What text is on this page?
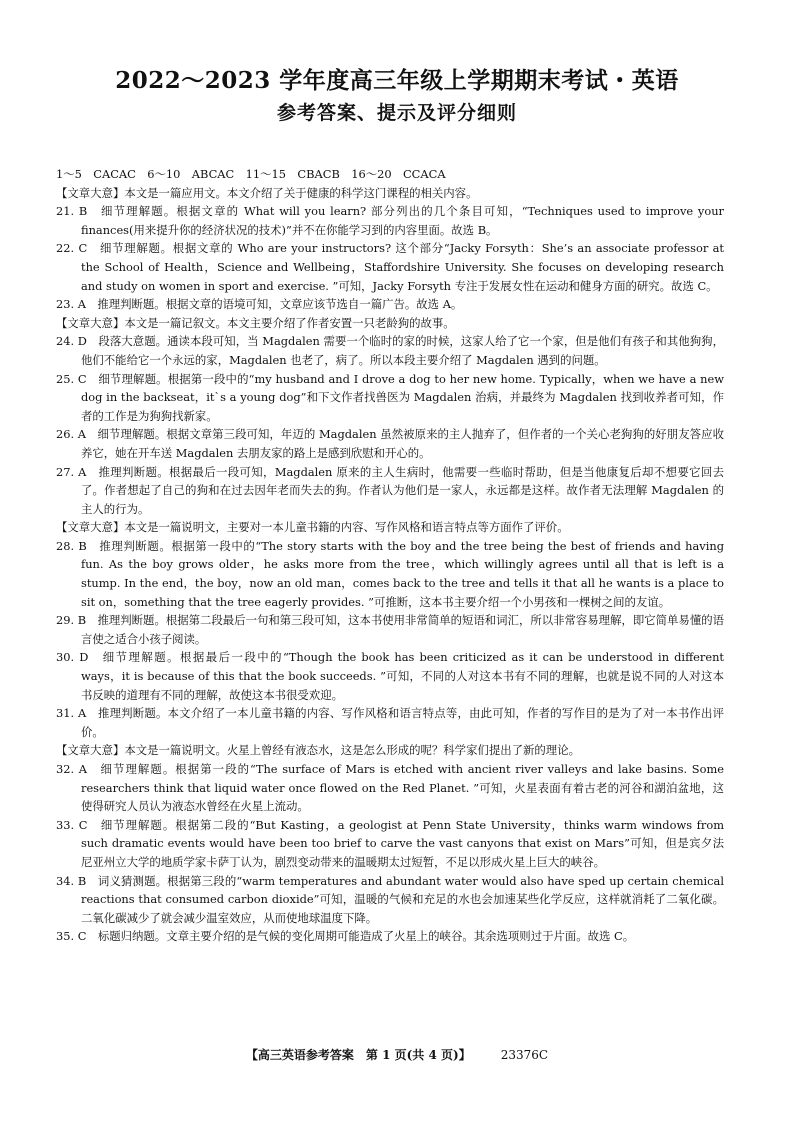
2022～2023 学年度高三年级上学期期末考试・英语
参考答案、提示及评分细则

1～5　CACAC　6～10　ABCAC　11～15　CBACB　16～20　CCACA

【文章大意】本文是一篇应用文。本文介绍了关于健康的科学这门课程的相关内容。

21. B　细节理解题。根据文章的 What will you learn? 部分列出的几个条目可知，“Techniques used to improve your finances(用来提升你的经济状况的技术)”并不在你能学习到的内容里面。故选 B。

22. C　细节理解题。根据文章的 Who are your instructors? 这个部分“Jacky Forsyth：She’s an associate professor at the School of Health，Science and Wellbeing，Staffordshire University. She focuses on developing research and study on women in sport and exercise. ”可知，Jacky Forsyth 专注于发展女性在运动和健身方面的研究。故选 C。

23. A　推理判断题。根据文章的语境可知，文章应该节选自一篇广告。故选 A。

【文章大意】本文是一篇记叙文。本文主要介绍了作者安置一只老龄狗的故事。

24. D　段落大意题。通读本段可知，当 Magdalen 需要一个临时的家的时候，这家人给了它一个家，但是他们有孩子和其他狗狗，他们不能给它一个永远的家，Magdalen 也老了，病了。所以本段主要介绍了 Magdalen 遇到的问题。

25. C　细节理解题。根据第一段中的“my husband and I drove a dog to her new home. Typically，when we have a new dog in the backseat，it`s a young dog”和下文作者找兽医为 Magdalen 治病，并最终为 Magdalen 找到收养者可知，作者的工作是为狗狗找新家。

26. A　细节理解题。根据文章第三段可知，年迈的 Magdalen 虽然被原来的主人抛弃了，但作者的一个关心老狗狗的好朋友答应收养它，她在开车送 Magdalen 去朋友家的路上是感到欣慰和开心的。

27. A　推理判断题。根据最后一段可知，Magdalen 原来的主人生病时，他需要一些临时帮助，但是当他康复后却不想要它回去了。作者想起了自己的狗和在过去因年老而失去的狗。作者认为他们是一家人，永远都是这样。故作者无法理解 Magdalen 的主人的行为。

【文章大意】本文是一篇说明文，主要对一本儿童书籍的内容、写作风格和语言特点等方面作了评价。

28. B　推理判断题。根据第一段中的“The story starts with the boy and the tree being the best of friends and having fun. As the boy grows older，he asks more from the tree，which willingly agrees until all that is left is a stump. In the end，the boy，now an old man，comes back to the tree and tells it that all he wants is a place to sit on，something that the tree eagerly provides. ”可推断，这本书主要介绍一个小男孩和一棵树之间的友谊。

29. B　推理判断题。根据第二段最后一句和第三段可知，这本书使用非常简单的短语和词汇，所以非常容易理解，即它简单易懂的语言使之适合小孩子阅读。

30. D　细节理解题。根据最后一段中的“Though the book has been criticized as it can be understood in different ways，it is because of this that the book succeeds. ”可知，不同的人对这本书有不同的理解，也就是说不同的人对这本书反映的道理有不同的理解，故使这本书很受欢迎。

31. A　推理判断题。本文介绍了一本儿童书籍的内容、写作风格和语言特点等，由此可知，作者的写作目的是为了对一本书作出评价。

【文章大意】本文是一篇说明文。火星上曾经有液态水，这是怎么形成的呢？科学家们提出了新的理论。

32. A　细节理解题。根据第一段的“The surface of Mars is etched with ancient river valleys and lake basins. Some researchers think that liquid water once flowed on the Red Planet. ”可知，火星表面有着古老的河谷和湖泊盆地，这使得研究人员认为液态水曾经在火星上流动。

33. C　细节理解题。根据第二段的“But Kasting，a geologist at Penn State University，thinks warm windows from such dramatic events would have been too brief to carve the vast canyons that exist on Mars”可知，但是宾夕法尼亚州立大学的地质学家卡萨丁认为，剧烈变动带来的温暖期太过短暂，不足以形成火星上巨大的峡谷。

34. B　词义猜测题。根据第三段的“warm temperatures and abundant water would also have sped up certain chemical reactions that consumed carbon dioxide”可知，温暖的气候和充足的水也会加速某些化学反应，这样就消耗了二氧化碳。二氧化碳减少了就会减少温室效应，从而使地球温度下降。

35. C　标题归纳题。文章主要介绍的是气候的变化周期可能造成了火星上的峡谷。其余选项则过于片面。故选 C。

【高三英语参考答案　第 1 页(共 4 页)】	23376C
